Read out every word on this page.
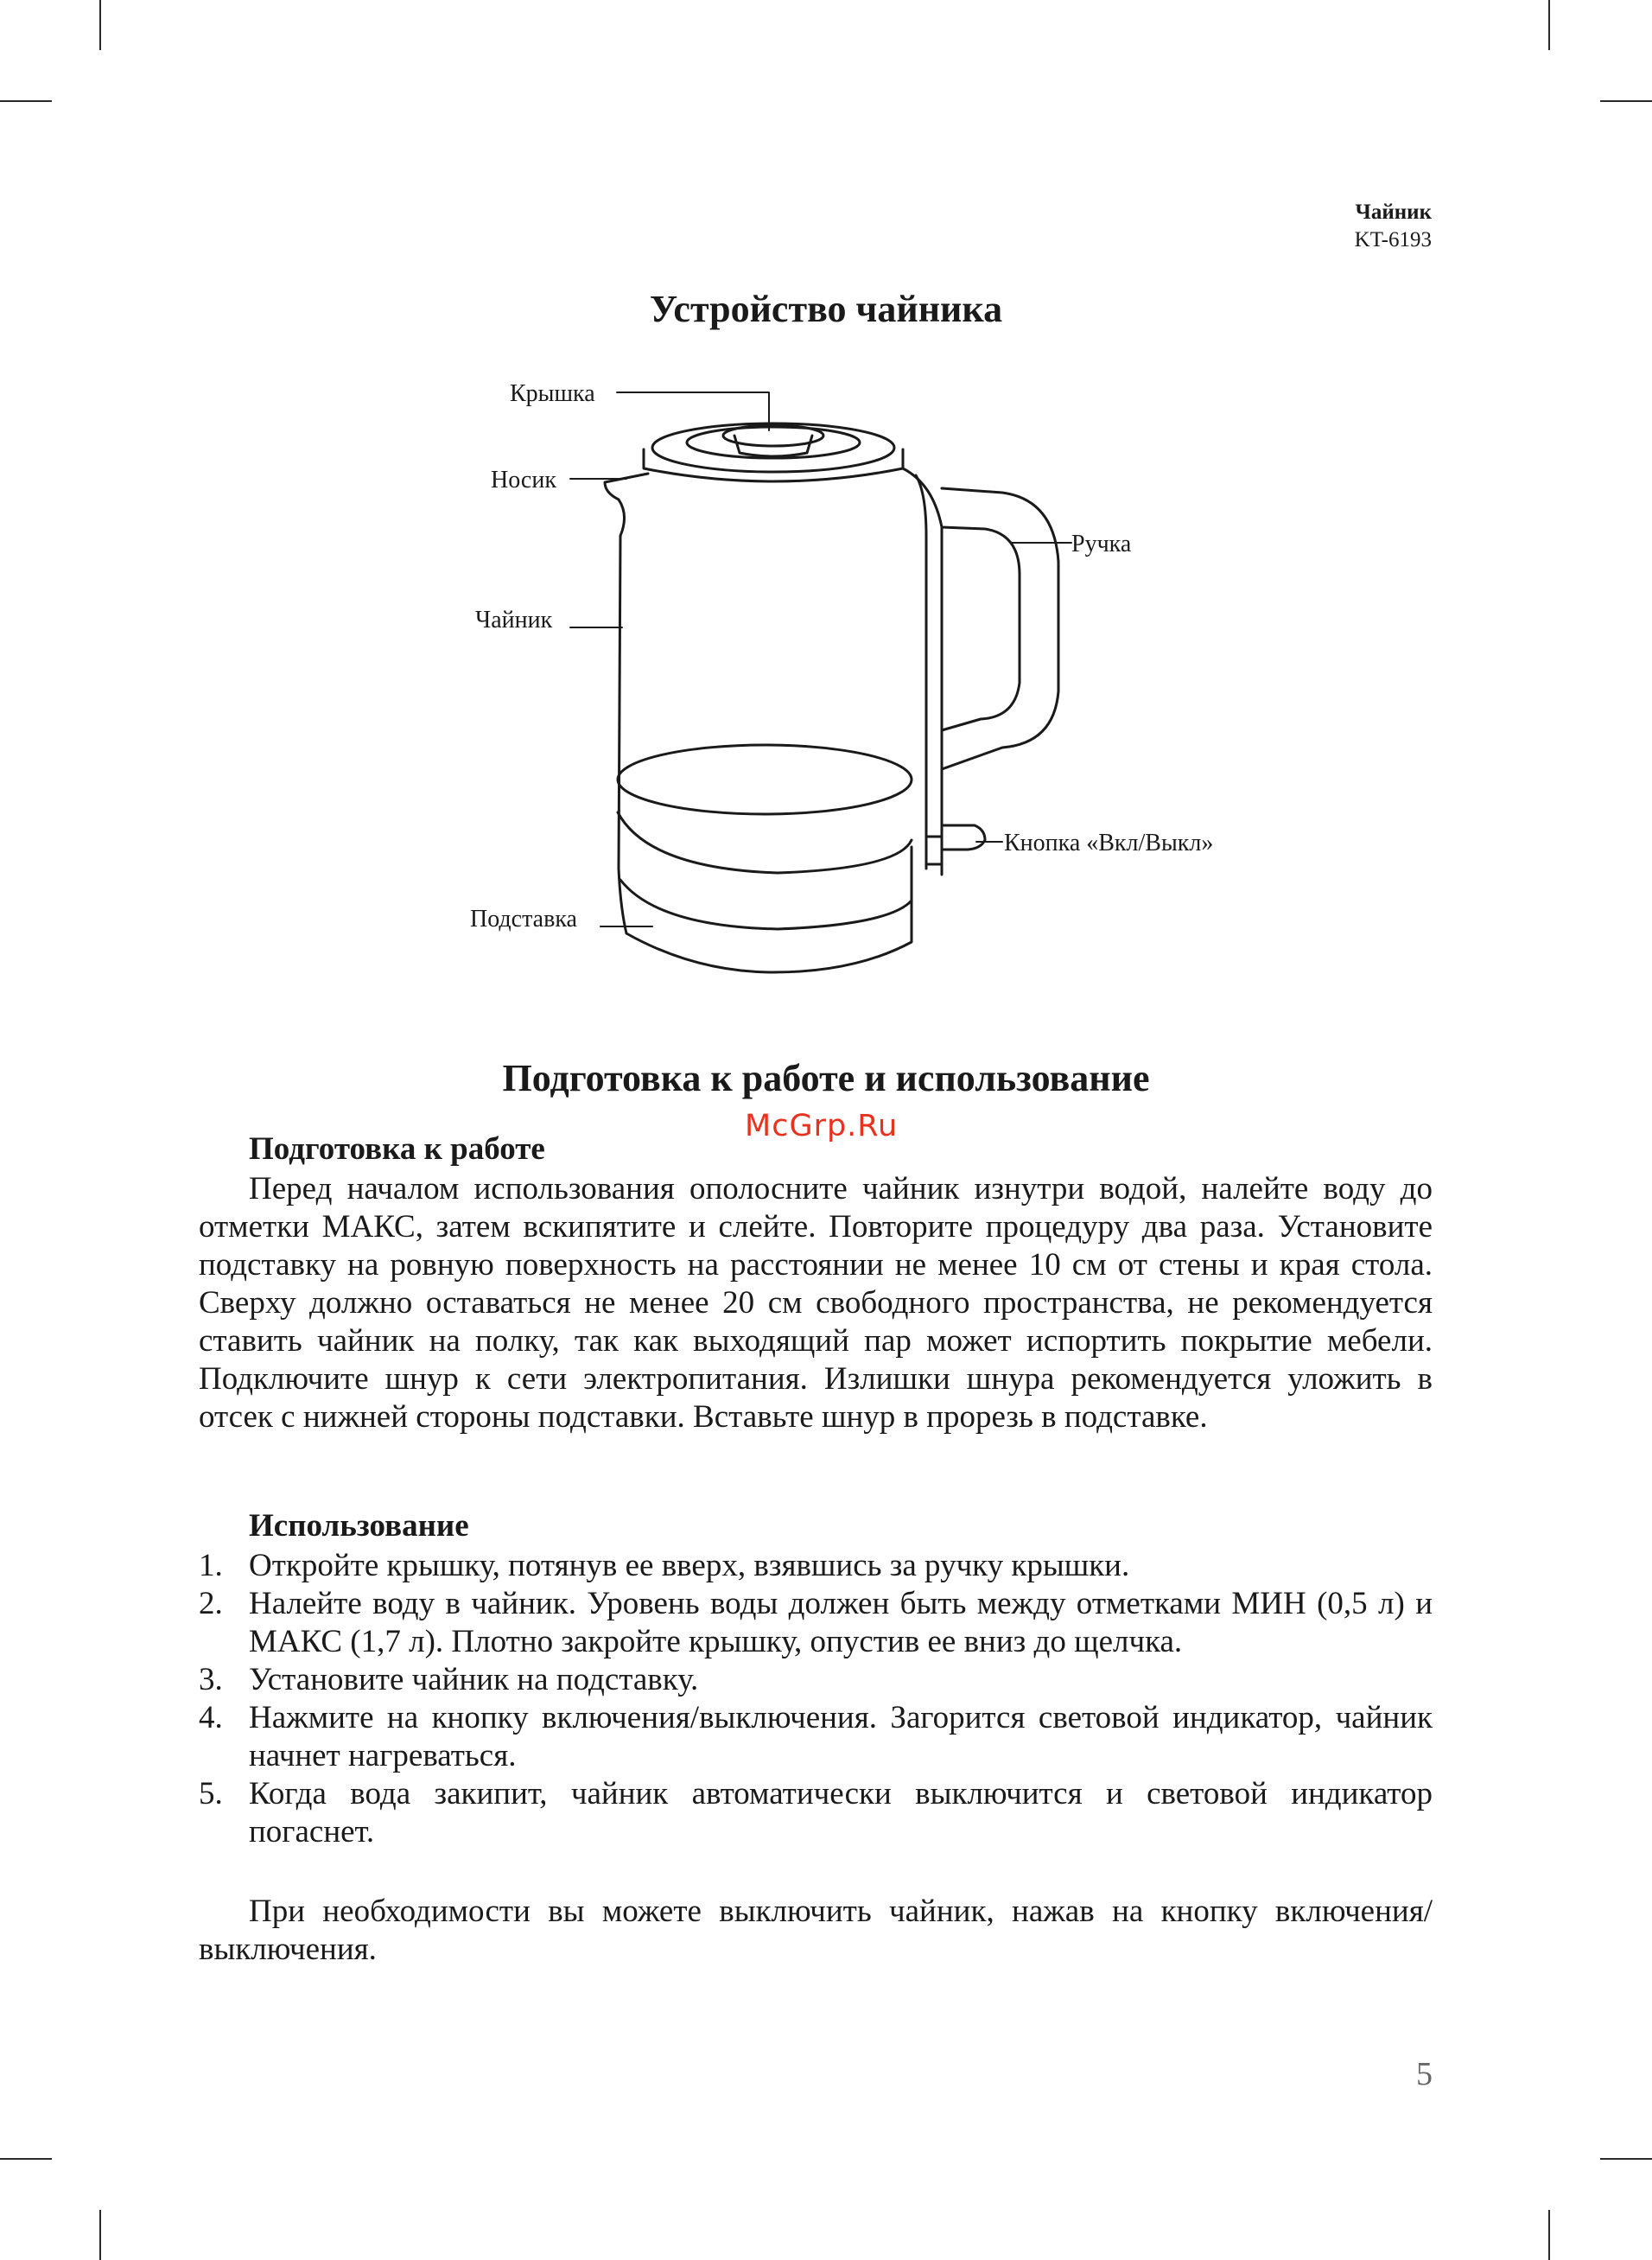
Чайник
KT-6193
Устройство чайника
Крышка
Носик
Чайник
Ручка
Кнопка «Вкл/Выкл»
Подставка
Подготовка к работе и использование
McGrp.Ru
Подготовка к работе
Перед началом использования ополосните чайник изнутри водой, налейте воду до отметки МАКС, затем вскипятите и слейте. Повторите процедуру два раза. Установите подставку на ровную поверхность на расстоянии не менее 10 см от стены и края стола. Сверху должно оставаться не менее 20 см свободного пространства, не рекомендуется ставить чайник на полку, так как выходящий пар может испортить покрытие мебели. Подключите шнур к сети электропитания. Излишки шнура рекомендуется уложить в отсек с нижней стороны подставки. Вставьте шнур в прорезь в подставке.
Использование
1. Откройте крышку, потянув ее вверх, взявшись за ручку крышки.
2. Налейте воду в чайник. Уровень воды должен быть между отметками МИН (0,5 л) и МАКС (1,7 л). Плотно закройте крышку, опустив ее вниз до щелчка.
3. Установите чайник на подставку.
4. Нажмите на кнопку включения/выключения. Загорится световой индикатор, чайник начнет нагреваться.
5. Когда вода закипит, чайник автоматически выключится и световой индикатор погаснет.
При необходимости вы можете выключить чайник, нажав на кнопку включения/выключения.
5
